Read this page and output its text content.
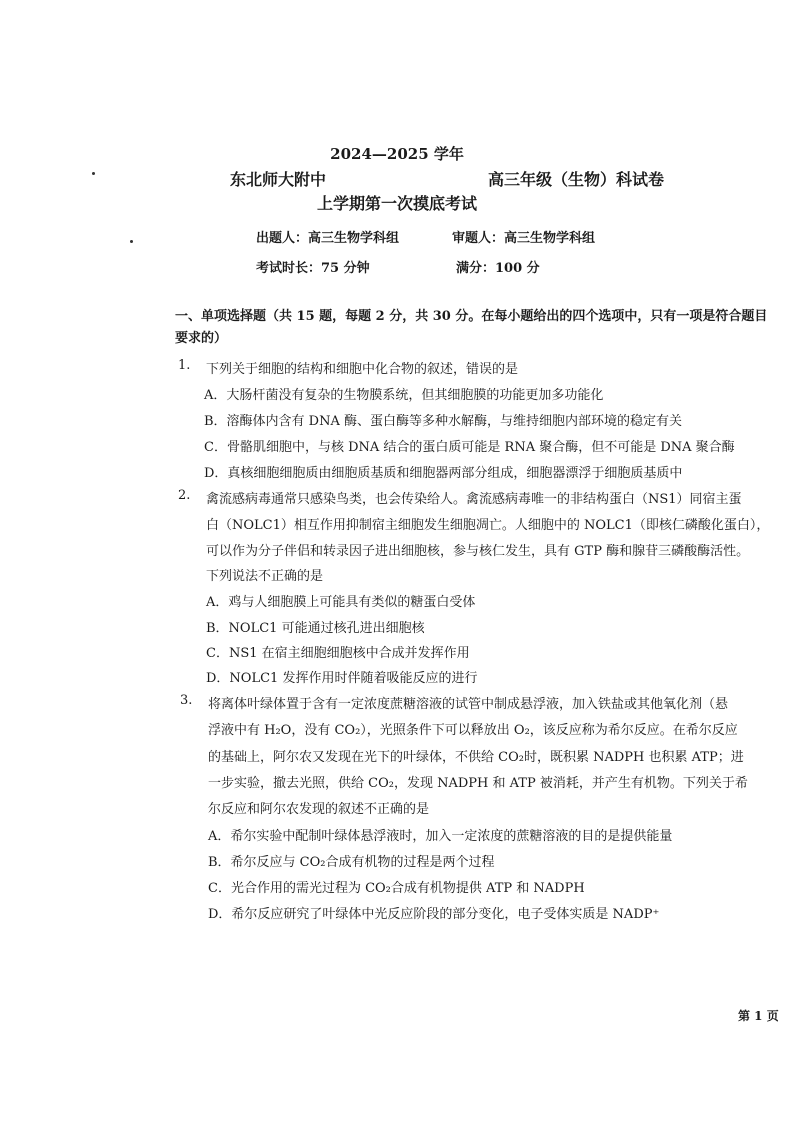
2024—2025 学年
东北师大附中	高三年级（生物）科试卷
上学期第一次摸底考试
出题人：高三生物学科组	审题人：高三生物学科组
考试时长：75 分钟	满分：100 分
一、单项选择题（共 15 题，每题 2 分，共 30 分。在每小题给出的四个选项中，只有一项是符合题目要求的）
1. 下列关于细胞的结构和细胞中化合物的叙述，错误的是
A．大肠杆菌没有复杂的生物膜系统，但其细胞膜的功能更加多功能化
B．溶酶体内含有 DNA 酶、蛋白酶等多种水解酶，与维持细胞内部环境的稳定有关
C．骨骼肌细胞中，与核 DNA 结合的蛋白质可能是 RNA 聚合酶，但不可能是 DNA 聚合酶
D．真核细胞细胞质由细胞质基质和细胞器两部分组成，细胞器漂浮于细胞质基质中
2. 禽流感病毒通常只感染鸟类，也会传染给人。禽流感病毒唯一的非结构蛋白（NS1）同宿主蛋
白（NOLC1）相互作用抑制宿主细胞发生细胞凋亡。人细胞中的 NOLC1（即核仁磷酸化蛋白），
可以作为分子伴侣和转录因子进出细胞核，参与核仁发生，具有 GTP 酶和腺苷三磷酸酶活性。
下列说法不正确的是
A．鸡与人细胞膜上可能具有类似的糖蛋白受体
B．NOLC1 可能通过核孔进出细胞核
C．NS1 在宿主细胞细胞核中合成并发挥作用
D．NOLC1 发挥作用时伴随着吸能反应的进行
3. 将离体叶绿体置于含有一定浓度蔗糖溶液的试管中制成悬浮液，加入铁盐或其他氧化剂（悬
浮液中有 H₂O，没有 CO₂），光照条件下可以释放出 O₂，该反应称为希尔反应。在希尔反应
的基础上，阿尔农又发现在光下的叶绿体，不供给 CO₂时，既积累 NADPH 也积累 ATP；进
一步实验，撤去光照，供给 CO₂，发现 NADPH 和 ATP 被消耗，并产生有机物。下列关于希
尔反应和阿尔农发现的叙述不正确的是
A．希尔实验中配制叶绿体悬浮液时，加入一定浓度的蔗糖溶液的目的是提供能量
B．希尔反应与 CO₂合成有机物的过程是两个过程
C．光合作用的需光过程为 CO₂合成有机物提供 ATP 和 NADPH
D．希尔反应研究了叶绿体中光反应阶段的部分变化，电子受体实质是 NADP⁺
第 1 页
